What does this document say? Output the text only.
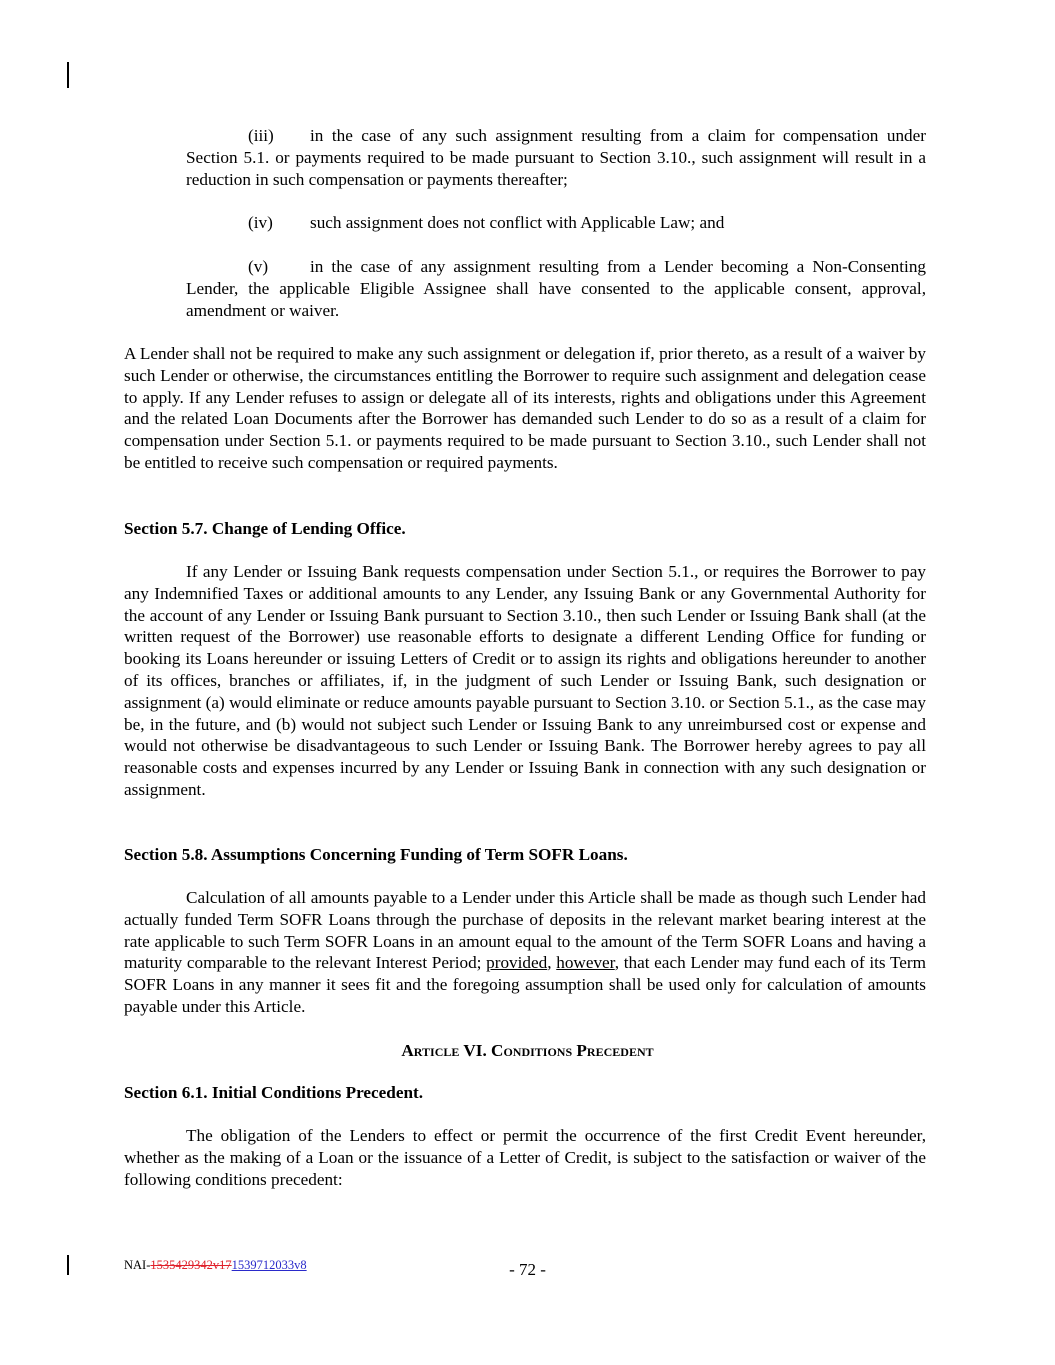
(iii) in the case of any such assignment resulting from a claim for compensation under Section 5.1. or payments required to be made pursuant to Section 3.10., such assignment will result in a reduction in such compensation or payments thereafter;

(iv) such assignment does not conflict with Applicable Law; and

(v) in the case of any assignment resulting from a Lender becoming a Non-Consenting Lender, the applicable Eligible Assignee shall have consented to the applicable consent, approval, amendment or waiver.

A Lender shall not be required to make any such assignment or delegation if, prior thereto, as a result of a waiver by such Lender or otherwise, the circumstances entitling the Borrower to require such assignment and delegation cease to apply. If any Lender refuses to assign or delegate all of its interests, rights and obligations under this Agreement and the related Loan Documents after the Borrower has demanded such Lender to do so as a result of a claim for compensation under Section 5.1. or payments required to be made pursuant to Section 3.10., such Lender shall not be entitled to receive such compensation or required payments.

Section 5.7. Change of Lending Office.

If any Lender or Issuing Bank requests compensation under Section 5.1., or requires the Borrower to pay any Indemnified Taxes or additional amounts to any Lender, any Issuing Bank or any Governmental Authority for the account of any Lender or Issuing Bank pursuant to Section 3.10., then such Lender or Issuing Bank shall (at the written request of the Borrower) use reasonable efforts to designate a different Lending Office for funding or booking its Loans hereunder or issuing Letters of Credit or to assign its rights and obligations hereunder to another of its offices, branches or affiliates, if, in the judgment of such Lender or Issuing Bank, such designation or assignment (a) would eliminate or reduce amounts payable pursuant to Section 3.10. or Section 5.1., as the case may be, in the future, and (b) would not subject such Lender or Issuing Bank to any unreimbursed cost or expense and would not otherwise be disadvantageous to such Lender or Issuing Bank. The Borrower hereby agrees to pay all reasonable costs and expenses incurred by any Lender or Issuing Bank in connection with any such designation or assignment.

Section 5.8. Assumptions Concerning Funding of Term SOFR Loans.

Calculation of all amounts payable to a Lender under this Article shall be made as though such Lender had actually funded Term SOFR Loans through the purchase of deposits in the relevant market bearing interest at the rate applicable to such Term SOFR Loans in an amount equal to the amount of the Term SOFR Loans and having a maturity comparable to the relevant Interest Period; provided, however, that each Lender may fund each of its Term SOFR Loans in any manner it sees fit and the foregoing assumption shall be used only for calculation of amounts payable under this Article.

Article VI. Conditions Precedent

Section 6.1. Initial Conditions Precedent.

The obligation of the Lenders to effect or permit the occurrence of the first Credit Event hereunder, whether as the making of a Loan or the issuance of a Letter of Credit, is subject to the satisfaction or waiver of the following conditions precedent:

NAI-1535429342v171539712033v8	- 72 -
